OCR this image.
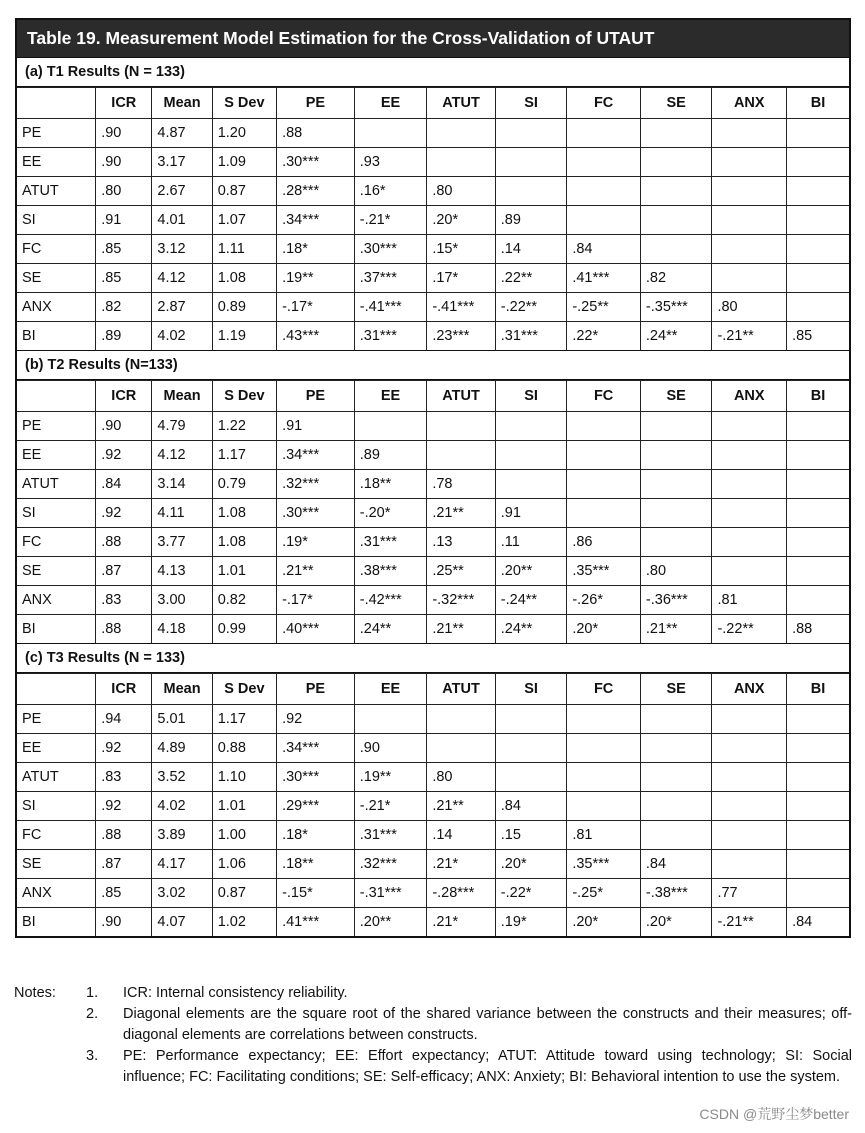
Table 19. Measurement Model Estimation for the Cross-Validation of UTAUT
(a) T1 Results (N = 133)
	ICR	Mean	S Dev	PE	EE	ATUT	SI	FC	SE	ANX	BI
PE	.90	4.87	1.20	.88							
EE	.90	3.17	1.09	.30***	.93						
ATUT	.80	2.67	0.87	.28***	.16*	.80					
SI	.91	4.01	1.07	.34***	-.21*	.20*	.89				
FC	.85	3.12	1.11	.18*	.30***	.15*	.14	.84			
SE	.85	4.12	1.08	.19**	.37***	.17*	.22**	.41***	.82		
ANX	.82	2.87	0.89	-.17*	-.41***	-.41***	-.22**	-.25**	-.35***	.80	
BI	.89	4.02	1.19	.43***	.31***	.23***	.31***	.22*	.24**	-.21**	.85
(b) T2 Results (N=133)
	ICR	Mean	S Dev	PE	EE	ATUT	SI	FC	SE	ANX	BI
PE	.90	4.79	1.22	.91							
EE	.92	4.12	1.17	.34***	.89						
ATUT	.84	3.14	0.79	.32***	.18**	.78					
SI	.92	4.11	1.08	.30***	-.20*	.21**	.91				
FC	.88	3.77	1.08	.19*	.31***	.13	.11	.86			
SE	.87	4.13	1.01	.21**	.38***	.25**	.20**	.35***	.80		
ANX	.83	3.00	0.82	-.17*	-.42***	-.32***	-.24**	-.26*	-.36***	.81	
BI	.88	4.18	0.99	.40***	.24**	.21**	.24**	.20*	.21**	-.22**	.88
(c) T3 Results (N = 133)
	ICR	Mean	S Dev	PE	EE	ATUT	SI	FC	SE	ANX	BI
PE	.94	5.01	1.17	.92							
EE	.92	4.89	0.88	.34***	.90						
ATUT	.83	3.52	1.10	.30***	.19**	.80					
SI	.92	4.02	1.01	.29***	-.21*	.21**	.84				
FC	.88	3.89	1.00	.18*	.31***	.14	.15	.81			
SE	.87	4.17	1.06	.18**	.32***	.21*	.20*	.35***	.84		
ANX	.85	3.02	0.87	-.15*	-.31***	-.28***	-.22*	-.25*	-.38***	.77	
BI	.90	4.07	1.02	.41***	.20**	.21*	.19*	.20*	.20*	-.21**	.84
Notes:	1.	ICR: Internal consistency reliability.
2.	Diagonal elements are the square root of the shared variance between the constructs and their measures; off-diagonal elements are correlations between constructs.
3.	PE: Performance expectancy; EE: Effort expectancy; ATUT: Attitude toward using technology; SI: Social influence; FC: Facilitating conditions; SE: Self-efficacy; ANX: Anxiety; BI: Behavioral intention to use the system.
CSDN @荒野尘梦better
